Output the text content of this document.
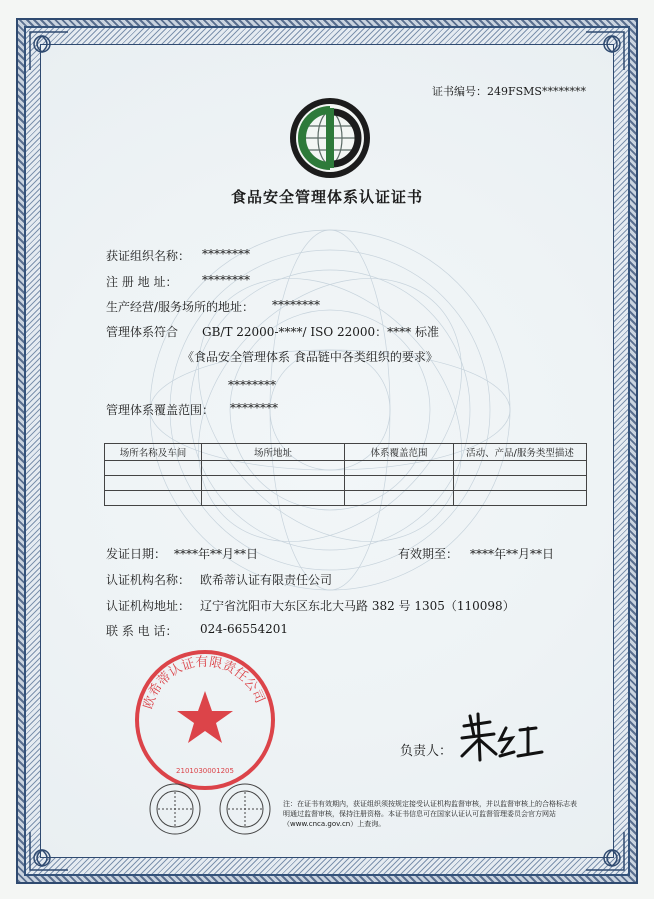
证书编号：249FSMS********
食品安全管理体系认证证书
获证组织名称： ********
注 册 地 址： ********
生产经营/服务场所的地址： ********
管理体系符合 GB/T 22000-****/ ISO 22000：**** 标准
《食品安全管理体系 食品链中各类组织的要求》
********
管理体系覆盖范围： ********
场所名称及车间	场所地址	体系覆盖范围	活动、产品/服务类型描述

发证日期： ****年**月**日	有效期至： ****年**月**日
认证机构名称： 欧希蒂认证有限责任公司
认证机构地址： 辽宁省沈阳市大东区东北大马路 382 号 1305（110098）
联 系 电 话： 024-66554201
欧希蒂认证有限责任公司
2101030001205
负责人：
注：在证书有效期内，获证组织须按规定接受认证机构监督审核，并以监督审核上的合格标志表明通过监督审核，保持注册资格。本证书信息可在国家认证认可监督管理委员会官方网站（www.cnca.gov.cn）上查询。
